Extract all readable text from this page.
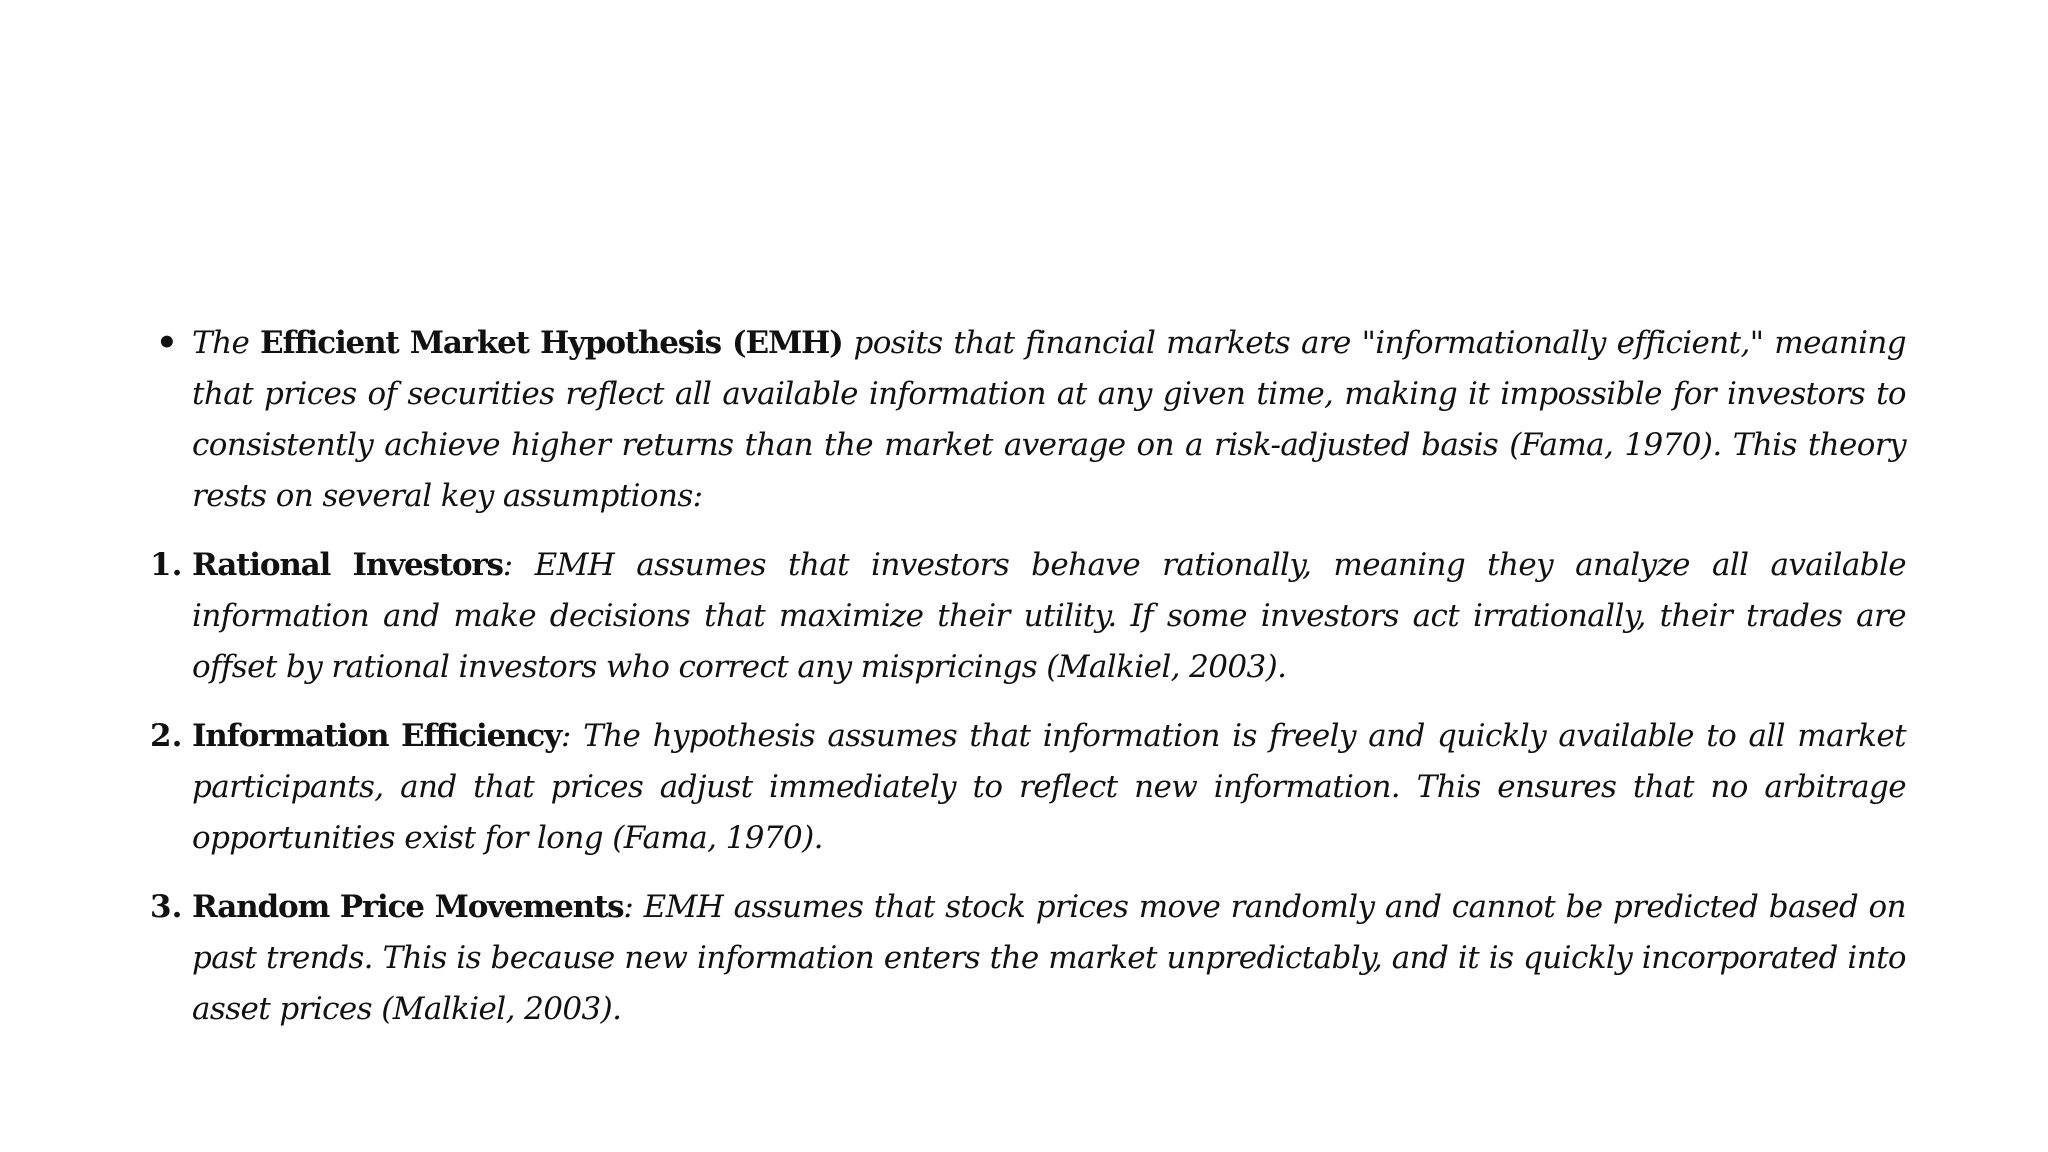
• The Efficient Market Hypothesis (EMH) posits that financial markets are "informationally efficient," meaning that prices of securities reflect all available information at any given time, making it impossible for investors to consistently achieve higher returns than the market average on a risk-adjusted basis (Fama, 1970). This theory rests on several key assumptions:

1. Rational Investors: EMH assumes that investors behave rationally, meaning they analyze all available information and make decisions that maximize their utility. If some investors act irrationally, their trades are offset by rational investors who correct any mispricings (Malkiel, 2003).

2. Information Efficiency: The hypothesis assumes that information is freely and quickly available to all market participants, and that prices adjust immediately to reflect new information. This ensures that no arbitrage opportunities exist for long (Fama, 1970).

3. Random Price Movements: EMH assumes that stock prices move randomly and cannot be predicted based on past trends. This is because new information enters the market unpredictably, and it is quickly incorporated into asset prices (Malkiel, 2003).
